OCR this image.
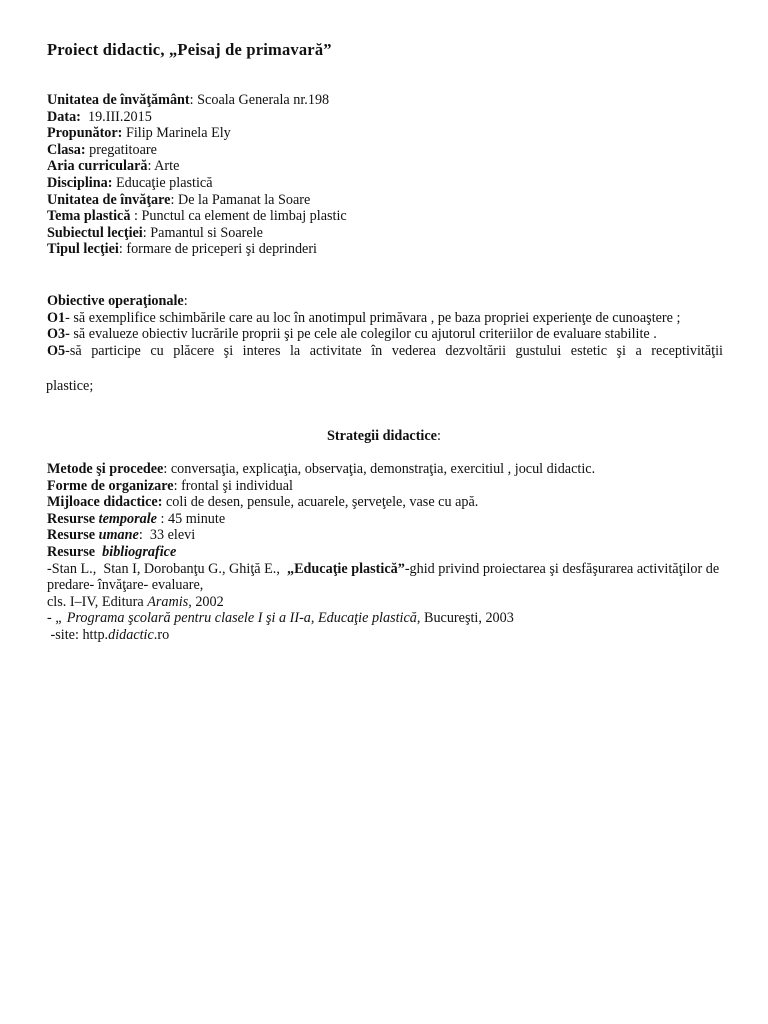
Proiect didactic, „Peisaj de primavară”
Unitatea de învăţământ: Scoala Generala nr.198
Data:  19.III.2015
Propunător: Filip Marinela Ely
Clasa: pregatitoare
Aria curriculară: Arte
Disciplina: Educaţie plastică
Unitatea de învăţare: De la Pamanat la Soare
Tema plastică : Punctul ca element de limbaj plastic
Subiectul lecţiei: Pamantul si Soarele
Tipul lecţiei: formare de priceperi şi deprinderi
Obiective operaţionale:
O1- să exemplifice schimbările care au loc în anotimpul primăvara , pe baza propriei experienţe de cunoaştere ;
O3- să evalueze obiectiv lucrările proprii şi pe cele ale colegilor cu ajutorul criteriilor de evaluare stabilite .
O5-să participe cu plăcere şi interes la activitate în vederea dezvoltării gustului estetic şi a receptivităţii
plastice;
Strategii didactice:
Metode şi procedee: conversaţia, explicaţia, observaţia, demonstraţia, exercitiul , jocul didactic.
Forme de organizare: frontal şi individual
Mijloace didactice: coli de desen, pensule, acuarele, şerveţele, vase cu apă.
Resurse temporale : 45 minute
Resurse umane:  33 elevi
Resurse  bibliografice
-Stan L.,  Stan I, Dorobanţu G., Ghiţă E.,  „Educaţie plastică”-ghid privind proiectarea şi desfăşurarea activităţilor de predare- învăţare- evaluare,
cls. I–IV, Editura Aramis, 2002
- „ Programa şcolară pentru clasele I şi a II-a, Educaţie plastică, Bucureşti, 2003
-site: http.didactic.ro
